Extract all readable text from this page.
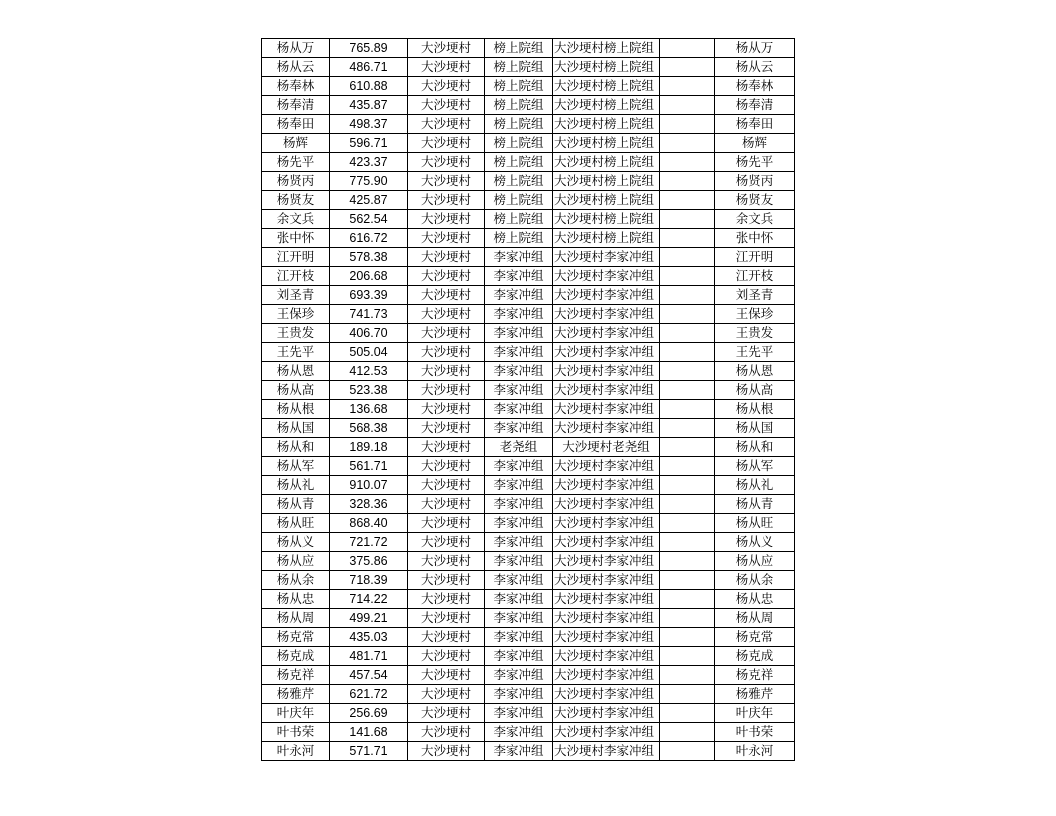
杨从万	765.89	大沙埂村	榜上院组	大沙埂村榜上院组		杨从万
杨从云	486.71	大沙埂村	榜上院组	大沙埂村榜上院组		杨从云
杨奉林	610.88	大沙埂村	榜上院组	大沙埂村榜上院组		杨奉林
杨奉清	435.87	大沙埂村	榜上院组	大沙埂村榜上院组		杨奉清
杨奉田	498.37	大沙埂村	榜上院组	大沙埂村榜上院组		杨奉田
杨辉	596.71	大沙埂村	榜上院组	大沙埂村榜上院组		杨辉
杨先平	423.37	大沙埂村	榜上院组	大沙埂村榜上院组		杨先平
杨贤丙	775.90	大沙埂村	榜上院组	大沙埂村榜上院组		杨贤丙
杨贤友	425.87	大沙埂村	榜上院组	大沙埂村榜上院组		杨贤友
余文兵	562.54	大沙埂村	榜上院组	大沙埂村榜上院组		余文兵
张中怀	616.72	大沙埂村	榜上院组	大沙埂村榜上院组		张中怀
江开明	578.38	大沙埂村	李家冲组	大沙埂村李家冲组		江开明
江开枝	206.68	大沙埂村	李家冲组	大沙埂村李家冲组		江开枝
刘圣青	693.39	大沙埂村	李家冲组	大沙埂村李家冲组		刘圣青
王保珍	741.73	大沙埂村	李家冲组	大沙埂村李家冲组		王保珍
王贵发	406.70	大沙埂村	李家冲组	大沙埂村李家冲组		王贵发
王先平	505.04	大沙埂村	李家冲组	大沙埂村李家冲组		王先平
杨从恩	412.53	大沙埂村	李家冲组	大沙埂村李家冲组		杨从恩
杨从高	523.38	大沙埂村	李家冲组	大沙埂村李家冲组		杨从高
杨从根	136.68	大沙埂村	李家冲组	大沙埂村李家冲组		杨从根
杨从国	568.38	大沙埂村	李家冲组	大沙埂村李家冲组		杨从国
杨从和	189.18	大沙埂村	老尧组	大沙埂村老尧组		杨从和
杨从军	561.71	大沙埂村	李家冲组	大沙埂村李家冲组		杨从军
杨从礼	910.07	大沙埂村	李家冲组	大沙埂村李家冲组		杨从礼
杨从青	328.36	大沙埂村	李家冲组	大沙埂村李家冲组		杨从青
杨从旺	868.40	大沙埂村	李家冲组	大沙埂村李家冲组		杨从旺
杨从义	721.72	大沙埂村	李家冲组	大沙埂村李家冲组		杨从义
杨从应	375.86	大沙埂村	李家冲组	大沙埂村李家冲组		杨从应
杨从余	718.39	大沙埂村	李家冲组	大沙埂村李家冲组		杨从余
杨从忠	714.22	大沙埂村	李家冲组	大沙埂村李家冲组		杨从忠
杨从周	499.21	大沙埂村	李家冲组	大沙埂村李家冲组		杨从周
杨克常	435.03	大沙埂村	李家冲组	大沙埂村李家冲组		杨克常
杨克成	481.71	大沙埂村	李家冲组	大沙埂村李家冲组		杨克成
杨克祥	457.54	大沙埂村	李家冲组	大沙埂村李家冲组		杨克祥
杨雅芹	621.72	大沙埂村	李家冲组	大沙埂村李家冲组		杨雅芹
叶庆年	256.69	大沙埂村	李家冲组	大沙埂村李家冲组		叶庆年
叶书荣	141.68	大沙埂村	李家冲组	大沙埂村李家冲组		叶书荣
叶永河	571.71	大沙埂村	李家冲组	大沙埂村李家冲组		叶永河
